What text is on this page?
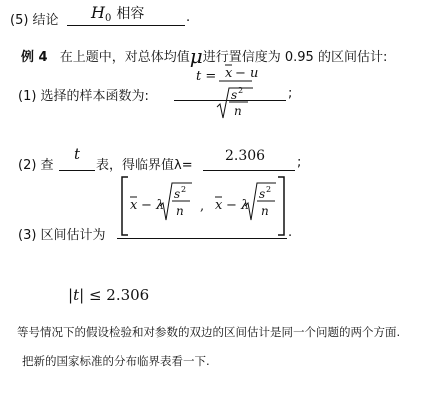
(5) 结论 H0 相容	.
例 4 在上题中，对总体均值μ进行置信度为 0.95 的区间估计:
(1) 选择的样本函数为:	;
t = x − u
s 2
n
(2) 查
t
表，得临界值λ=
2.306 ;
(3) 区间估计为	.
x − λ
s 2
n , x − λ
s 2
n
|t| ≤ 2.306
等号情况下的假设检验和对参数的双边的区间估计是同一个问题的两个方面.
把新的国家标准的分布临界表看一下.
